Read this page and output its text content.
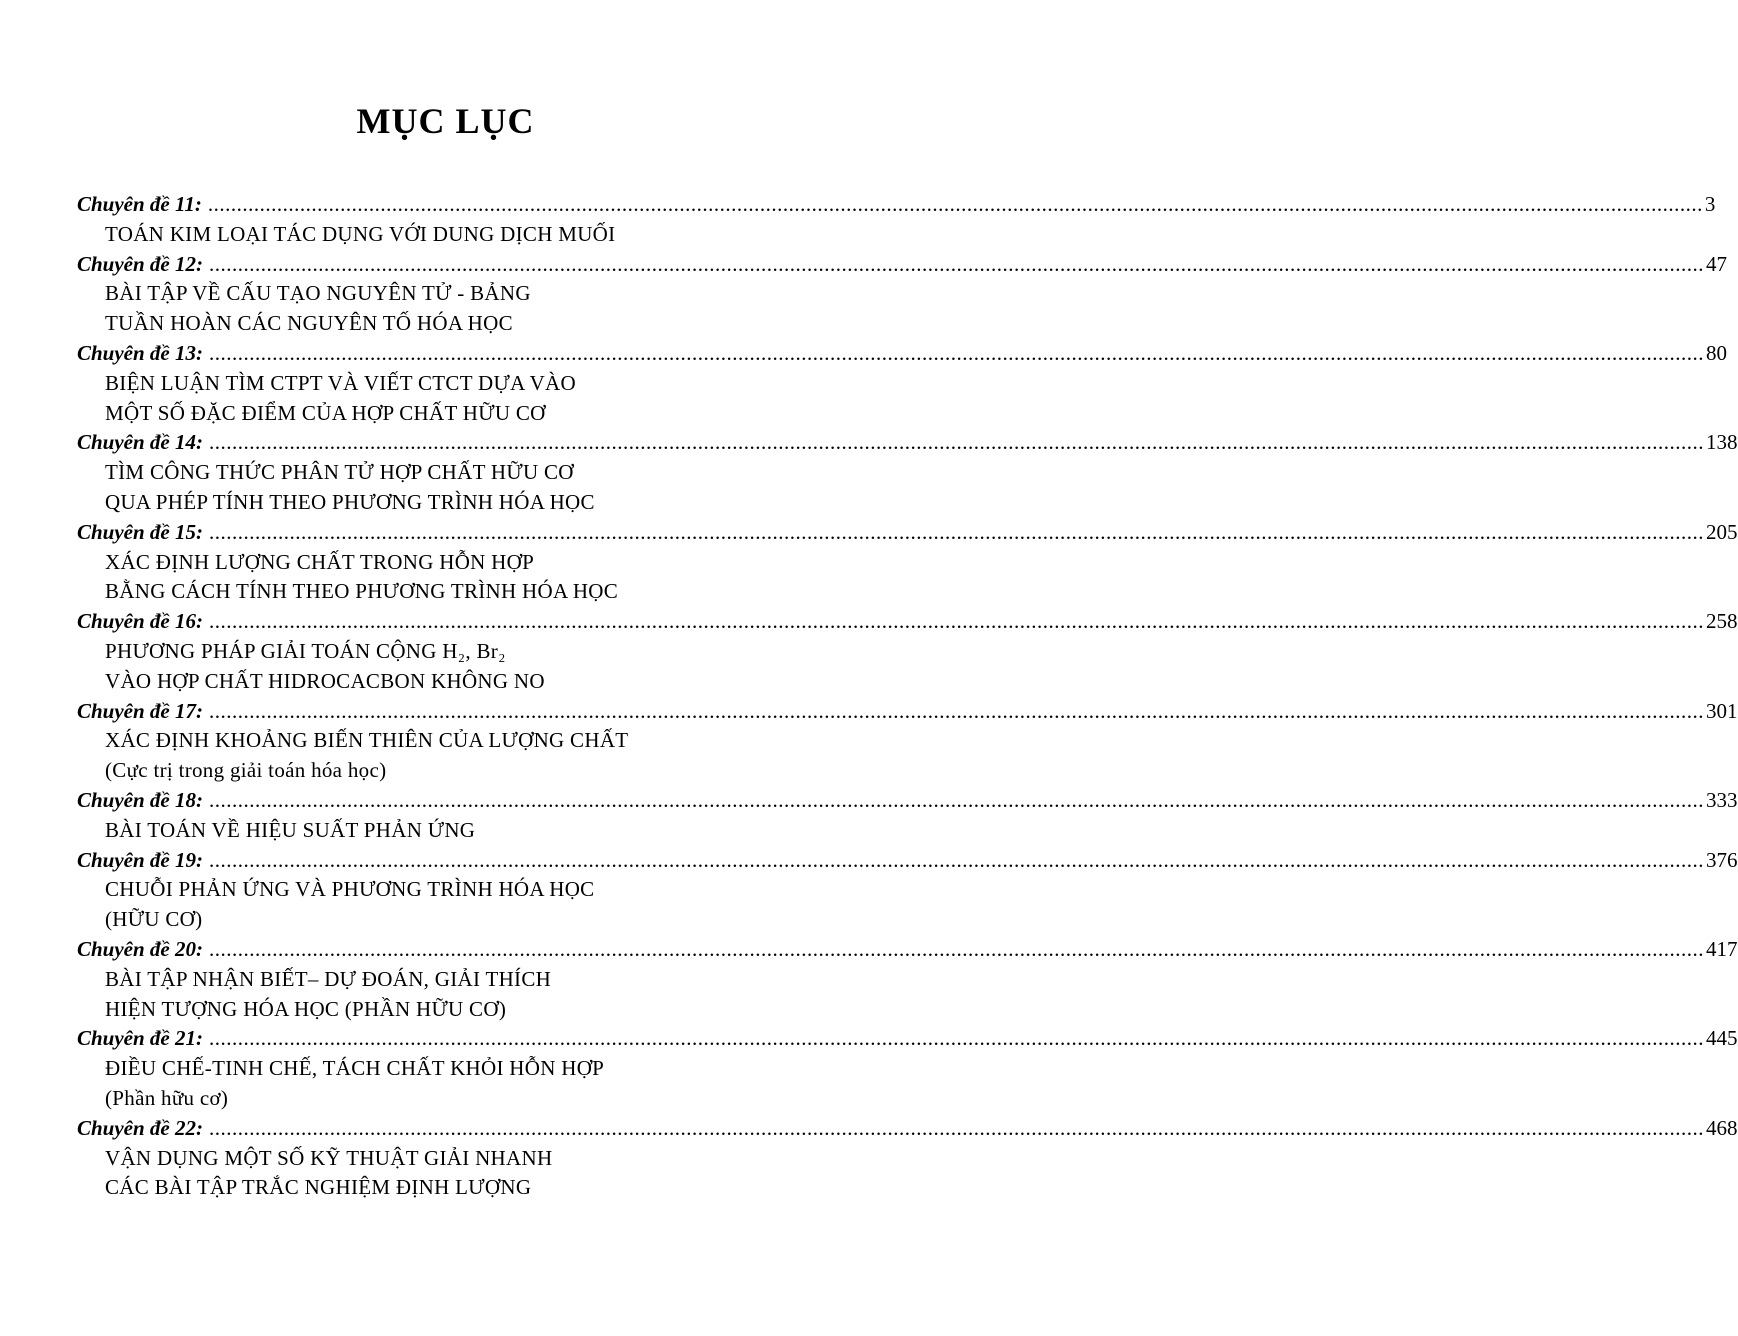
MỤC LỤC
Chuyên đề 11: .................................................................................................................................................................................................................................................................... 3
TOÁN KIM LOẠI TÁC DỤNG VỚI DUNG DỊCH MUỐI
Chuyên đề 12: .................................................................................................................................................................................................................................................................... 47
BÀI TẬP VỀ CẤU TẠO NGUYÊN TỬ - BẢNG
TUẦN HOÀN CÁC NGUYÊN TỐ HÓA HỌC
Chuyên đề 13: .................................................................................................................................................................................................................................................................... 80
BIỆN LUẬN TÌM CTPT VÀ VIẾT CTCT DỰA VÀO
MỘT SỐ ĐẶC ĐIỂM CỦA HỢP CHẤT HỮU CƠ
Chuyên đề 14: .................................................................................................................................................................................................................................................................... 138
TÌM CÔNG THỨC PHÂN TỬ HỢP CHẤT HỮU CƠ
QUA PHÉP TÍNH THEO PHƯƠNG TRÌNH HÓA HỌC
Chuyên đề 15: .................................................................................................................................................................................................................................................................... 205
XÁC ĐỊNH LƯỢNG CHẤT TRONG HỖN HỢP
BẰNG CÁCH TÍNH THEO PHƯƠNG TRÌNH HÓA HỌC
Chuyên đề 16: .................................................................................................................................................................................................................................................................... 258
PHƯƠNG PHÁP GIẢI TOÁN CỘNG H₂, Br₂
VÀO HỢP CHẤT HIDROCACBON KHÔNG NO
Chuyên đề 17: .................................................................................................................................................................................................................................................................... 301
XÁC ĐỊNH KHOẢNG BIẾN THIÊN CỦA LƯỢNG CHẤT
(Cực trị trong giải toán hóa học)
Chuyên đề 18: .................................................................................................................................................................................................................................................................... 333
BÀI TOÁN VỀ HIỆU SUẤT PHẢN ỨNG
Chuyên đề 19: .................................................................................................................................................................................................................................................................... 376
CHUỖI PHẢN ỨNG VÀ PHƯƠNG TRÌNH HÓA HỌC
(HỮU CƠ)
Chuyên đề 20: .................................................................................................................................................................................................................................................................... 417
BÀI TẬP NHẬN BIẾT– DỰ ĐOÁN, GIẢI THÍCH
HIỆN TƯỢNG HÓA HỌC (PHẦN HỮU CƠ)
Chuyên đề 21: .................................................................................................................................................................................................................................................................... 445
ĐIỀU CHẾ-TINH CHẾ, TÁCH CHẤT KHỎI HỖN HỢP
(Phần hữu cơ)
Chuyên đề 22: .................................................................................................................................................................................................................................................................... 468
VẬN DỤNG MỘT SỐ KỸ THUẬT GIẢI NHANH
CÁC BÀI TẬP TRẮC NGHIỆM ĐỊNH LƯỢNG
